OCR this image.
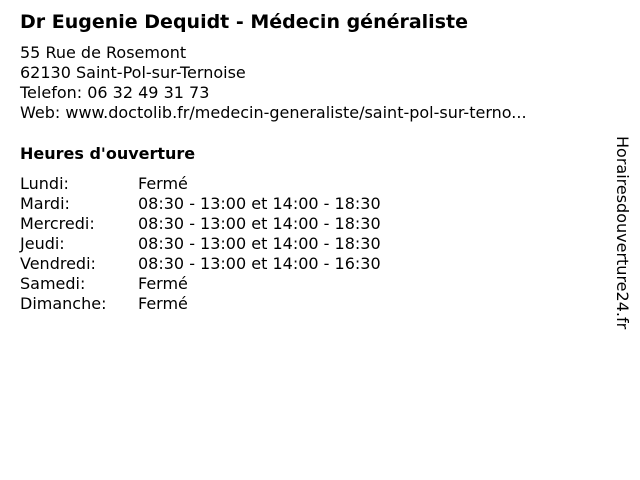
Dr Eugenie Dequidt - Médecin généraliste
55 Rue de Rosemont
62130 Saint-Pol-sur-Ternoise
Telefon: 06 32 49 31 73
Web: www.doctolib.fr/medecin-generaliste/saint-pol-sur-terno...
Heures d'ouverture
Lundi:	Fermé
Mardi:	08:30 - 13:00 et 14:00 - 18:30
Mercredi:	08:30 - 13:00 et 14:00 - 18:30
Jeudi:	08:30 - 13:00 et 14:00 - 18:30
Vendredi:	08:30 - 13:00 et 14:00 - 16:30
Samedi:	Fermé
Dimanche: Fermé	Horairesdouverture24.fr
